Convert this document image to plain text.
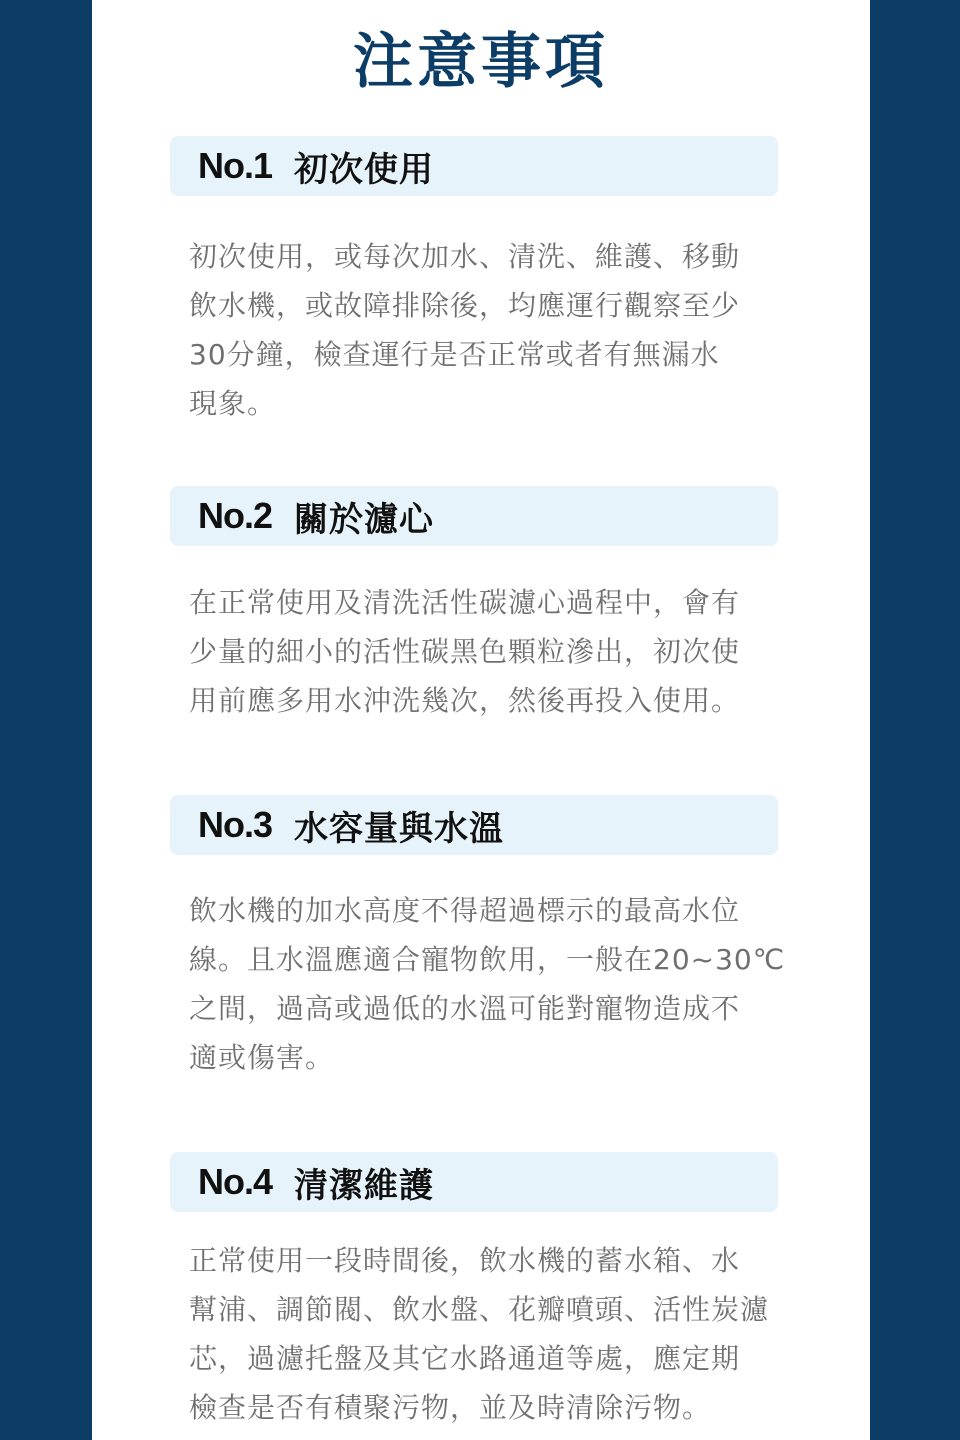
注意事項
No.1 初次使用
初次使用，或每次加水、清洗、維護、移動
飲水機，或故障排除後，均應運行觀察至少
30分鐘，檢查運行是否正常或者有無漏水
現象。
No.2 關於濾心
在正常使用及清洗活性碳濾心過程中，會有
少量的細小的活性碳黑色顆粒滲出，初次使
用前應多用水沖洗幾次，然後再投入使用。
No.3 水容量與水溫
飲水機的加水高度不得超過標示的最高水位
線。且水溫應適合寵物飲用，一般在20~30℃
之間，過高或過低的水溫可能對寵物造成不
適或傷害。
No.4 清潔維護
正常使用一段時間後，飲水機的蓄水箱、水
幫浦、調節閥、飲水盤、花瓣噴頭、活性炭濾
芯，過濾托盤及其它水路通道等處，應定期
檢查是否有積聚污物，並及時清除污物。
